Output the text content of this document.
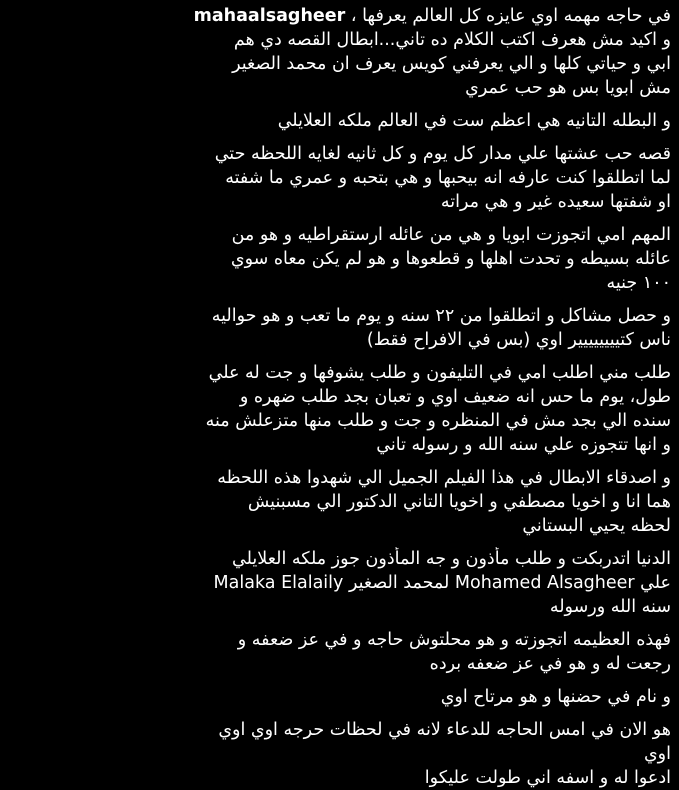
في حاجه مهمه اوي عايزه كل العالم يعرفها ، mahaalsagheer
و اكيد مش هعرف اكتب الكلام ده تاني...ابطال القصه دي هم
ابي و حياتي كلها و الي يعرفني كويس يعرف ان محمد الصغير
مش ابويا بس هو حب عمري
و البطله التانيه هي اعظم ست في العالم ملكه العلايلي
قصه حب عشتها علي مدار كل يوم و كل ثانيه لغايه اللحظه حتي
لما اتطلقوا كنت عارفه انه بيحبها و هي بتحبه و عمري ما شفته
او شفتها سعيده غير و هي مراته
المهم امي اتجوزت ابويا و هي من عائله ارستقراطيه و هو من
عائله بسيطه و تحدت اهلها و قطعوها و هو لم يكن معاه سوي
١٠٠ جنيه
و حصل مشاكل و اتطلقوا من ٢٢ سنه و يوم ما تعب و هو حواليه
ناس كتيييييييير اوي (بس في الافراح فقط)
طلب مني اطلب امي في التليفون و طلب يشوفها و جت له علي
طول، يوم ما حس انه ضعيف اوي و تعبان بجد طلب ضهره و
سنده الي بجد مش في المنظره و جت و طلب منها متزعلش منه
و انها تتجوزه علي سنه الله و رسوله تاني
و اصدقاء الابطال في هذا الفيلم الجميل الي شهدوا هذه اللحظه
هما انا و اخويا مصطفي و اخويا التاني الدكتور الي مسبنيش
لحظه يحيي البستاني
الدنيا اتدربكت و طلب مأذون و جه المأذون جوز ملكه العلايلي
Malaka Elalaily لمحمد الصغير Mohamed Alsagheer علي
سنه الله ورسوله
فهذه العظيمه اتجوزته و هو محلتوش حاجه و في عز ضعفه و
رجعت له و هو في عز ضعفه برده
و نام في حضنها و هو مرتاح اوي
هو الان في امس الحاجه للدعاء لانه في لحظات حرجه اوي اوي
اوي
ادعوا له و اسفه اني طولت عليكوا
